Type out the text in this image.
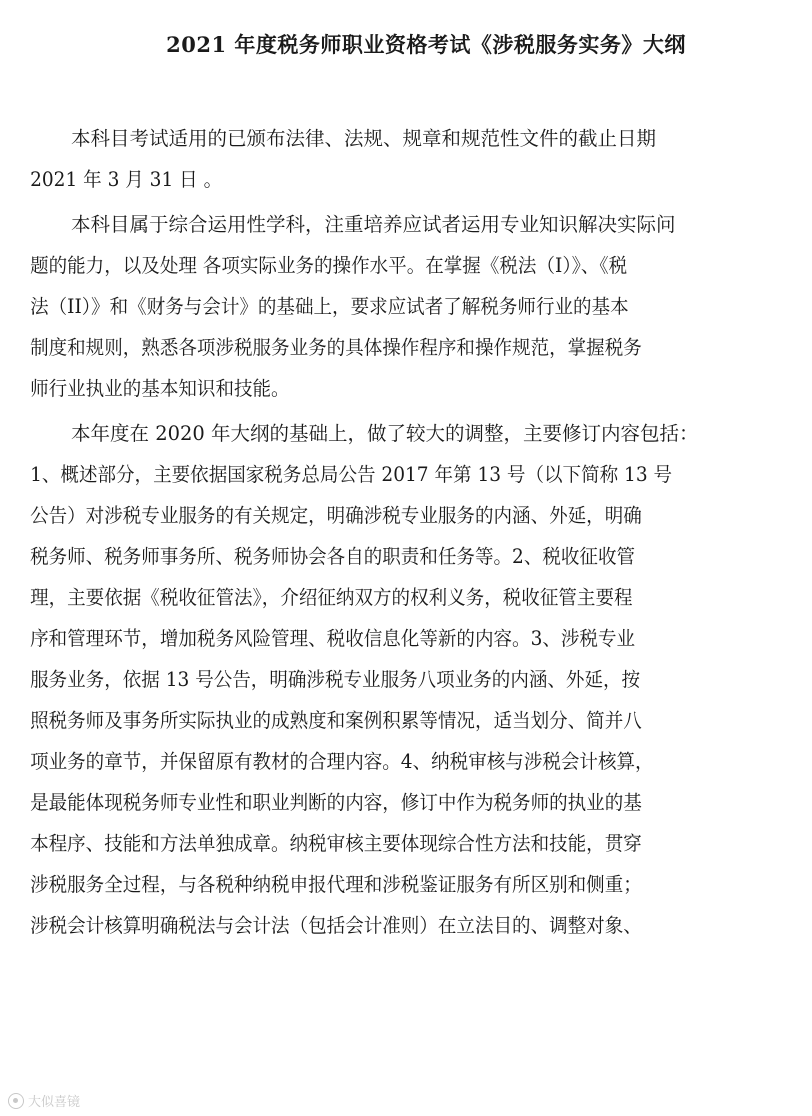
2021 年度税务师职业资格考试《涉税服务实务》大纲

本科目考试适用的已颁布法律、法规、规章和规范性文件的截止日期
2021 年 3 月 31 日 。

本科目属于综合运用性学科，注重培养应试者运用专业知识解决实际问
题的能力，以及处理 各项实际业务的操作水平。在掌握《税法（I）》、《税
法（II）》和《财务与会计》的基础上，要求应试者了解税务师行业的基本
制度和规则，熟悉各项涉税服务业务的具体操作程序和操作规范，掌握税务
师行业执业的基本知识和技能。

本年度在 2020 年大纲的基础上，做了较大的调整，主要修订内容包括：
1、概述部分，主要依据国家税务总局公告 2017 年第 13 号（以下简称 13 号
公告）对涉税专业服务的有关规定，明确涉税专业服务的内涵、外延，明确
税务师、税务师事务所、税务师协会各自的职责和任务等。2、税收征收管
理，主要依据《税收征管法》，介绍征纳双方的权利义务，税收征管主要程
序和管理环节，增加税务风险管理、税收信息化等新的内容。3、涉税专业
服务业务，依据 13 号公告，明确涉税专业服务八项业务的内涵、外延，按
照税务师及事务所实际执业的成熟度和案例积累等情况，适当划分、简并八
项业务的章节，并保留原有教材的合理内容。4、纳税审核与涉税会计核算，
是最能体现税务师专业性和职业判断的内容，修订中作为税务师的执业的基
本程序、技能和方法单独成章。纳税审核主要体现综合性方法和技能，贯穿
涉税服务全过程，与各税种纳税申报代理和涉税鉴证服务有所区别和侧重；
涉税会计核算明确税法与会计法（包括会计准则）在立法目的、调整对象、

大似喜镜
